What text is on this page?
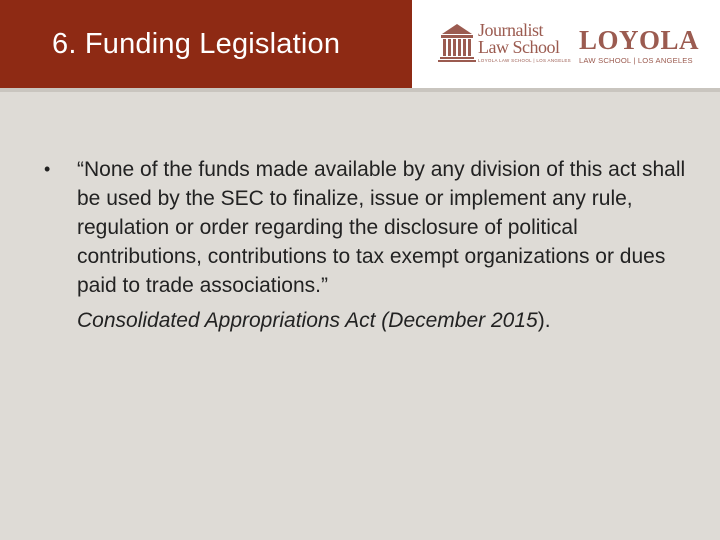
6. Funding Legislation	Journalist
Law School
LOYOLA LAW SCHOOL | LOS ANGELES
LOYOLA
LAW SCHOOL | LOS ANGELES
• “None of the funds made available by any division of this act shall be used by the SEC to finalize, issue or implement any rule, regulation or order regarding the disclosure of political contributions, contributions to tax exempt organizations or dues paid to trade associations.”
Consolidated Appropriations Act (December 2015).
